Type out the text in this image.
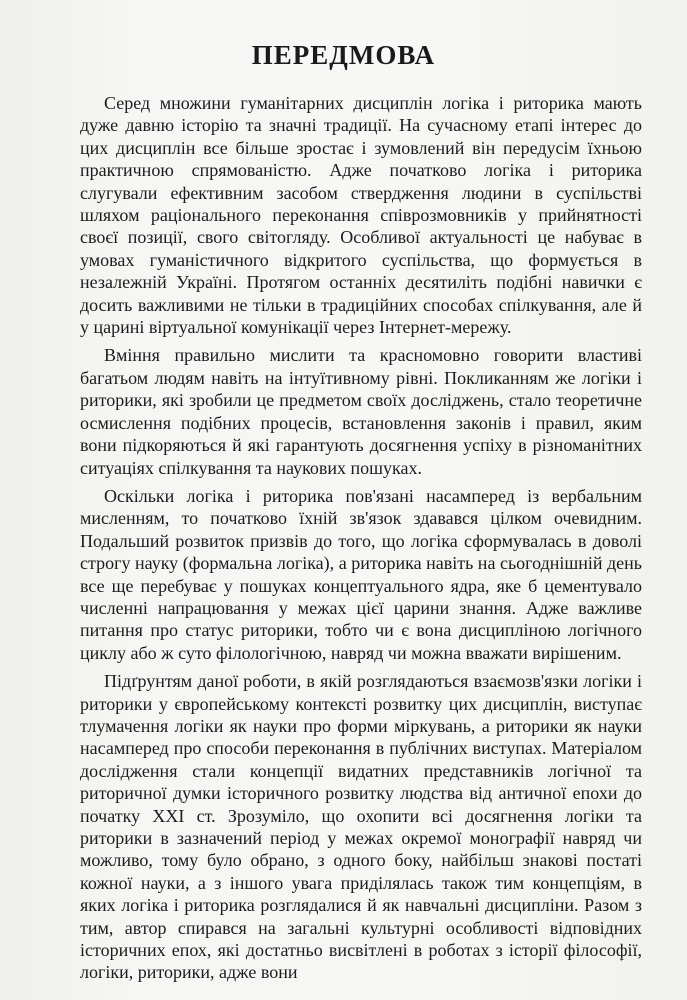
ПЕРЕДМОВА

Серед множини гуманітарних дисциплін логіка і риторика мають дуже давню історію та значні традиції. На сучасному етапі інтерес до цих дисциплін все більше зростає і зумовлений він передусім їхньою практичною спрямованістю. Адже початково логіка і риторика слугували ефективним засобом ствердження людини в суспільстві шляхом раціонального переконання співрозмовників у прийнятності своєї позиції, свого світогляду. Особливої актуальності це набуває в умовах гуманістичного відкритого суспільства, що формується в незалежній Україні. Протягом останніх десятиліть подібні навички є досить важливими не тільки в традиційних способах спілкування, але й у царині віртуальної комунікації через Інтернет-мережу.

Вміння правильно мислити та красномовно говорити властиві багатьом людям навіть на інтуїтивному рівні. Покликанням же логіки і риторики, які зробили це предметом своїх досліджень, стало теоретичне осмислення подібних процесів, встановлення законів і правил, яким вони підкоряються й які гарантують досягнення успіху в різноманітних ситуаціях спілкування та наукових пошуках.

Оскільки логіка і риторика пов'язані насамперед із вербальним мисленням, то початково їхній зв'язок здавався цілком очевидним. Подальший розвиток призвів до того, що логіка сформувалась в доволі строгу науку (формальна логіка), а риторика навіть на сьогоднішній день все ще перебуває у пошуках концептуального ядра, яке б цементувало численні напрацювання у межах цієї царини знання. Адже важливе питання про статус риторики, тобто чи є вона дисципліною логічного циклу або ж суто філологічною, навряд чи можна вважати вирішеним.

Підґрунтям даної роботи, в якій розглядаються взаємозв'язки логіки і риторики у європейському контексті розвитку цих дисциплін, виступає тлумачення логіки як науки про форми міркувань, а риторики як науки насамперед про способи переконання в публічних виступах. Матеріалом дослідження стали концепції видатних представників логічної та риторичної думки історичного розвитку людства від античної епохи до початку XXI ст. Зрозуміло, що охопити всі досягнення логіки та риторики в зазначений період у межах окремої монографії навряд чи можливо, тому було обрано, з одного боку, найбільш знакові постаті кожної науки, а з іншого увага приділялась також тим концепціям, в яких логіка і риторика розглядалися й як навчальні дисципліни. Разом з тим, автор спирався на загальні культурні особливості відповідних історичних епох, які достатньо висвітлені в роботах з історії філософії, логіки, риторики, адже вони	'
